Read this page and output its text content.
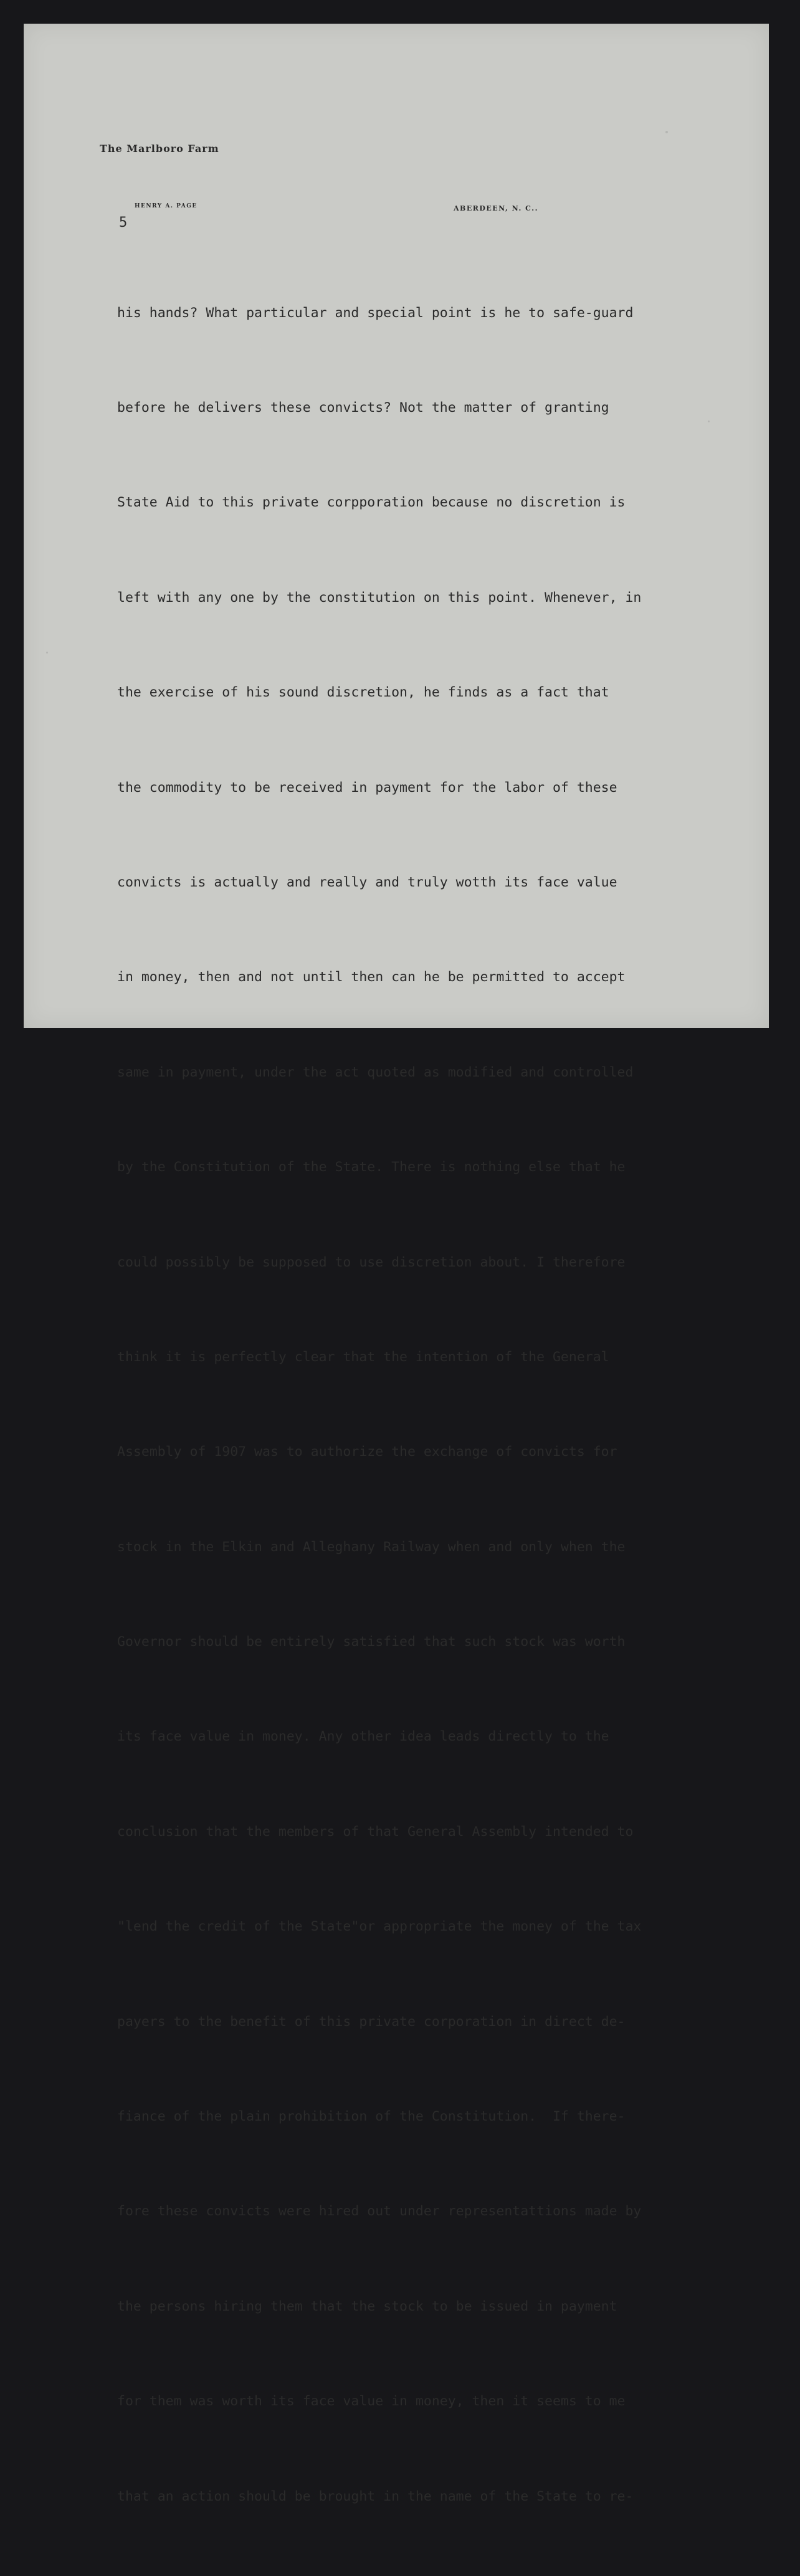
The Marlboro Farm
HENRY A. PAGE	ABERDEEN, N. C..
5

his hands? What particular and special point is he to safe-guard

before he delivers these convicts? Not the matter of granting

State Aid to this private corpporation because no discretion is

left with any one by the constitution on this point. Whenever, in

the exercise of his sound discretion, he finds as a fact that

the commodity to be received in payment for the labor of these

convicts is actually and really and truly wotth its face value

in money, then and not until then can he be permitted to accept

same in payment, under the act quoted as modified and controlled

by the Constitution of the State. There is nothing else that he

could possibly be supposed to use discretion about. I therefore

think it is perfectly clear that the intention of the General

Assembly of 1907 was to authorize the exchange of convicts for

stock in the Elkin and Alleghany Railway when and only when the

Governor should be entirely satisfied that such stock was worth

its face value in money. Any other idea leads directly to the

conclusion that the members of that General Assembly intended to

"lend the credit of the State"or appropriate the money of the tax

payers to the benefit of this private corporation in direct de-

fiance of the plain prohibition of the Constitution.  If there-

fore these convicts were hired out under representattions made by

the persons hiring them that the stock to be issued in payment

for them was worth its face value in money, then it seems to me

that an action should be brought in the name of the State to re-
